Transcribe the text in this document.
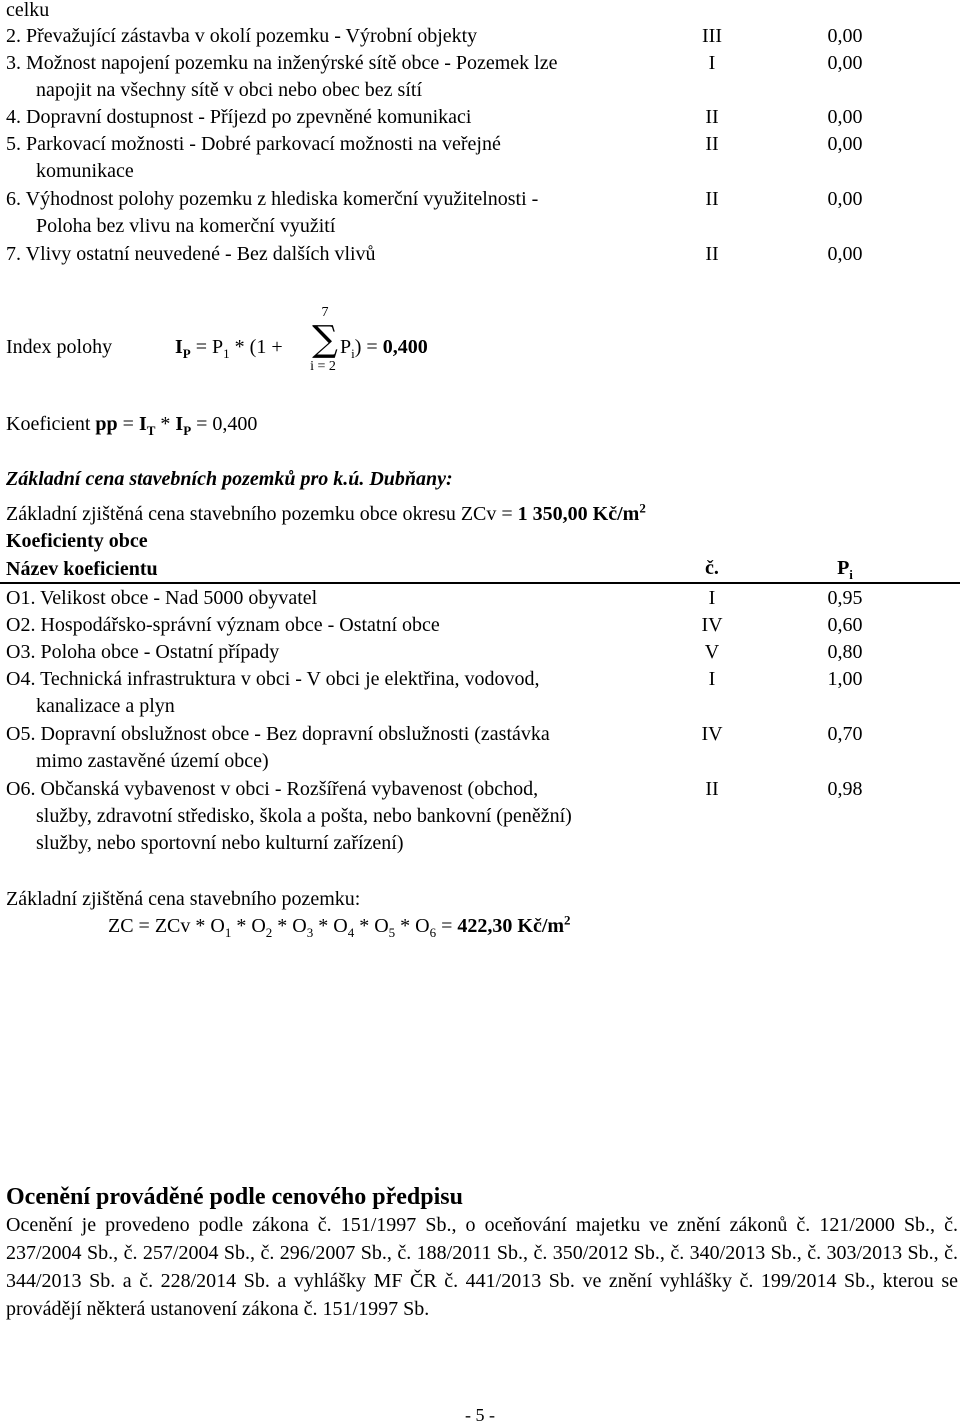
celku
2. Převažující zástavba v okolí pozemku - Výrobní objekty	III	0,00
3. Možnost napojení pozemku na inženýrské sítě obce - Pozemek lze
napojit na všechny sítě v obci nebo obec bez sítí
I	0,00
4. Dopravní dostupnost - Příjezd po zpevněné komunikaci	II	0,00
5. Parkovací možnosti - Dobré parkovací možnosti na veřejné
komunikace
II	0,00
6. Výhodnost polohy pozemku z hlediska komerční využitelnosti -
Poloha bez vlivu na komerční využití
II	0,00
7. Vlivy ostatní neuvedené - Bez dalších vlivů	II	0,00
Index polohy	$I_P = P_1 * (1$ +
7
∑
i = 2
$P_i) = 0,400$
Koeficient pp = $I_T * I_P = 0,400$
Základní cena stavebních pozemků pro k.ú. Dubňany:
Základní zjištěná cena stavebního pozemku obce okresu ZCv = 1 350,00 $Kč/m^2$
Koeficienty obce
Název koeficientu	č.	$P_i$
O1. Velikost obce - Nad 5000 obyvatel	I	0,95
O2. Hospodářsko-správní význam obce - Ostatní obce	IV	0,60
O3. Poloha obce - Ostatní případy	V	0,80
O4. Technická infrastruktura v obci - V obci je elektřina, vodovod,
kanalizace a plyn
I	1,00
O5. Dopravní obslužnost obce - Bez dopravní obslužnosti (zastávka
mimo zastavěné území obce)
IV	0,70
O6. Občanská vybavenost v obci - Rozšířená vybavenost (obchod,
služby, zdravotní středisko, škola a pošta, nebo bankovní (peněžní)
služby, nebo sportovní nebo kulturní zařízení)
II	0,98
Základní zjištěná cena stavebního pozemku:
ZC = ZCv * $O_1 * O_2 * O_3 * O_4 * O_5 * O_6 = 422,30$ $Kč/m^2$
Ocenění prováděné podle cenového předpisu
Ocenění je provedeno podle zákona č. 151/1997 Sb., o oceňování majetku ve znění zákonů č. 121/2000 Sb., č. 237/2004 Sb., č. 257/2004 Sb., č. 296/2007 Sb., č. 188/2011 Sb., č. 350/2012 Sb., č. 340/2013 Sb., č. 303/2013 Sb., č. 344/2013 Sb. a č. 228/2014 Sb. a vyhlášky MF ČR č. 441/2013 Sb. ve znění vyhlášky č. 199/2014 Sb., kterou se provádějí některá ustanovení zákona č. 151/1997 Sb.
- 5 -
